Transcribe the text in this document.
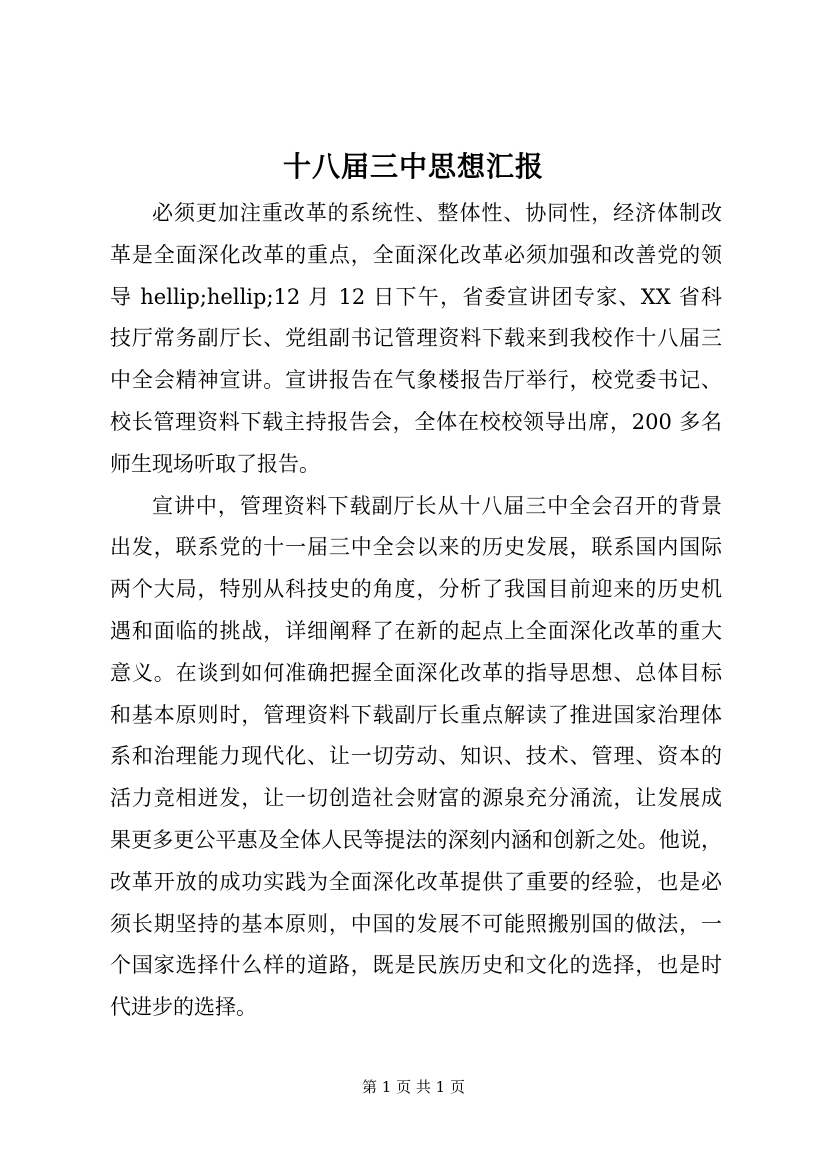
十八届三中思想汇报
必须更加注重改革的系统性、整体性、协同性，经济体制改
革是全面深化改革的重点，全面深化改革必须加强和改善党的领
导 hellip;hellip;12 月 12 日下午，省委宣讲团专家、XX 省科
技厅常务副厅长、党组副书记管理资料下载来到我校作十八届三
中全会精神宣讲。宣讲报告在气象楼报告厅举行，校党委书记、
校长管理资料下载主持报告会，全体在校校领导出席，200 多名
师生现场听取了报告。
宣讲中，管理资料下载副厅长从十八届三中全会召开的背景
出发，联系党的十一届三中全会以来的历史发展，联系国内国际
两个大局，特别从科技史的角度，分析了我国目前迎来的历史机
遇和面临的挑战，详细阐释了在新的起点上全面深化改革的重大
意义。在谈到如何准确把握全面深化改革的指导思想、总体目标
和基本原则时，管理资料下载副厅长重点解读了推进国家治理体
系和治理能力现代化、让一切劳动、知识、技术、管理、资本的
活力竞相迸发，让一切创造社会财富的源泉充分涌流，让发展成
果更多更公平惠及全体人民等提法的深刻内涵和创新之处。他说，
改革开放的成功实践为全面深化改革提供了重要的经验，也是必
须长期坚持的基本原则，中国的发展不可能照搬别国的做法，一
个国家选择什么样的道路，既是民族历史和文化的选择，也是时
代进步的选择。
第 1 页 共 1 页
